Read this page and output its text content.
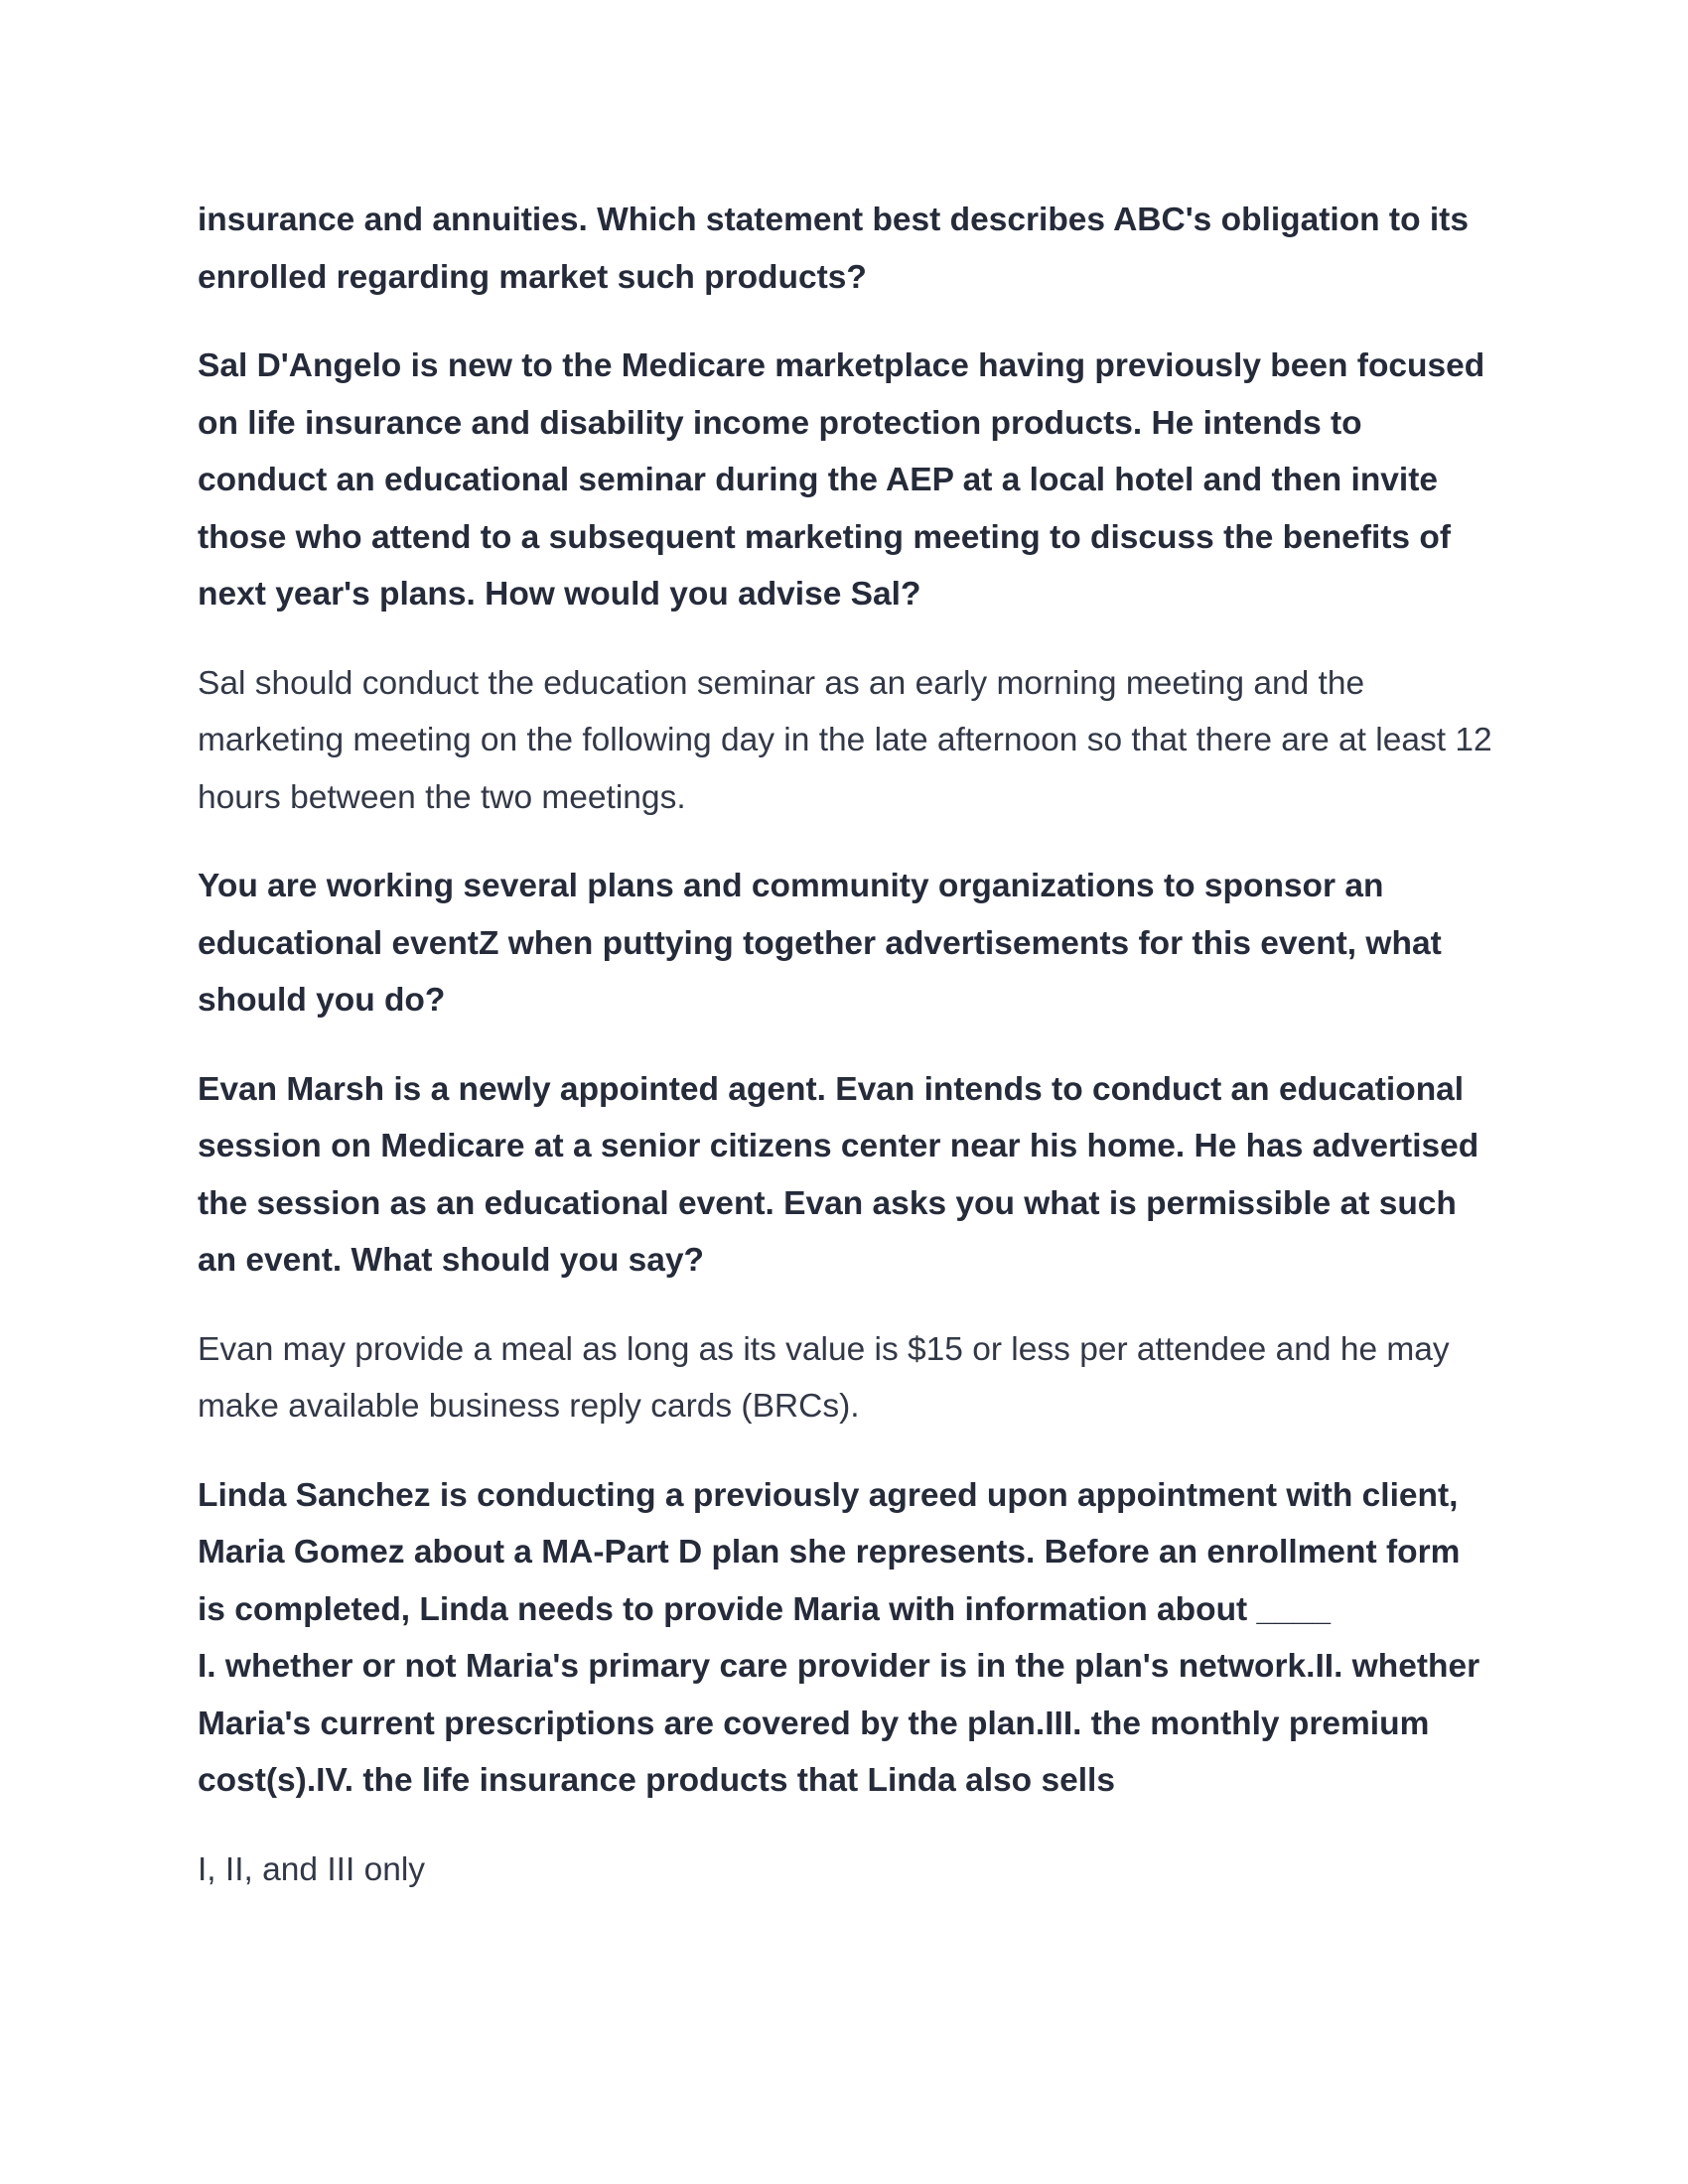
insurance and annuities. Which statement best describes ABC's obligation to its
enrolled regarding market such products?
Sal D'Angelo is new to the Medicare marketplace having previously been focused
on life insurance and disability income protection products. He intends to
conduct an educational seminar during the AEP at a local hotel and then invite
those who attend to a subsequent marketing meeting to discuss the benefits of
next year's plans. How would you advise Sal?
Sal should conduct the education seminar as an early morning meeting and the
marketing meeting on the following day in the late afternoon so that there are at least 12
hours between the two meetings.
You are working several plans and community organizations to sponsor an
educational eventZ when puttying together advertisements for this event, what
should you do?
Evan Marsh is a newly appointed agent. Evan intends to conduct an educational
session on Medicare at a senior citizens center near his home. He has advertised
the session as an educational event. Evan asks you what is permissible at such
an event. What should you say?
Evan may provide a meal as long as its value is $15 or less per attendee and he may
make available business reply cards (BRCs).
Linda Sanchez is conducting a previously agreed upon appointment with client,
Maria Gomez about a MA-Part D plan she represents. Before an enrollment form
is completed, Linda needs to provide Maria with information about ____
I. whether or not Maria's primary care provider is in the plan's network.II. whether
Maria's current prescriptions are covered by the plan.III. the monthly premium
cost(s).IV. the life insurance products that Linda also sells
I, II, and III only
